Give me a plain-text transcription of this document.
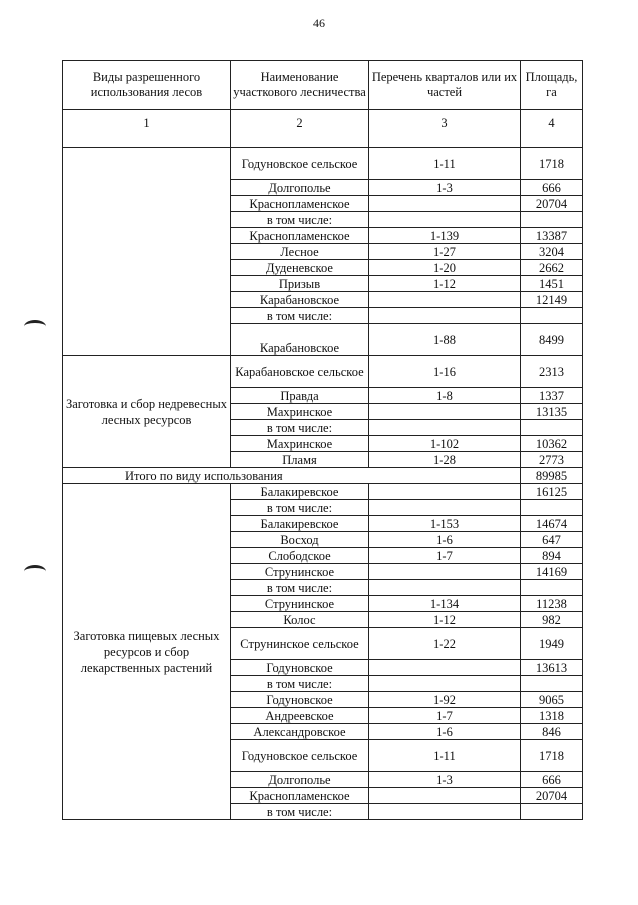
46
Виды разрешенного использования лесов	Наименование участкового лесничества	Перечень кварталов или их частей	Площадь, га
1	2	3	4
	Годуновское сельское	1-11	1718
	Долгополье	1-3	666
	Краснопламенское		20704
	в том числе:		
	Краснопламенское	1-139	13387
	Лесное	1-27	3204
	Дуденевское	1-20	2662
	Призыв	1-12	1451
	Карабановское		12149
	в том числе:		
	Карабановское	1-88	8499
Заготовка и сбор недревесных лесных ресурсов	Карабановское сельское	1-16	2313
	Правда	1-8	1337
	Махринское		13135
	в том числе:		
	Махринское	1-102	10362
	Пламя	1-28	2773
Итого по виду использования			89985
Заготовка пищевых лесных ресурсов и сбор лекарственных растений	Балакиревское		16125
	в том числе:		
	Балакиревское	1-153	14674
	Восход	1-6	647
	Слободское	1-7	894
	Струнинское		14169
	в том числе:		
	Струнинское	1-134	11238
	Колос	1-12	982
	Струнинское сельское	1-22	1949
	Годуновское		13613
	в том числе:		
	Годуновское	1-92	9065
	Андреевское	1-7	1318
	Александровское	1-6	846
	Годуновское сельское	1-11	1718
	Долгополье	1-3	666
	Краснопламенское		20704
	в том числе:		
